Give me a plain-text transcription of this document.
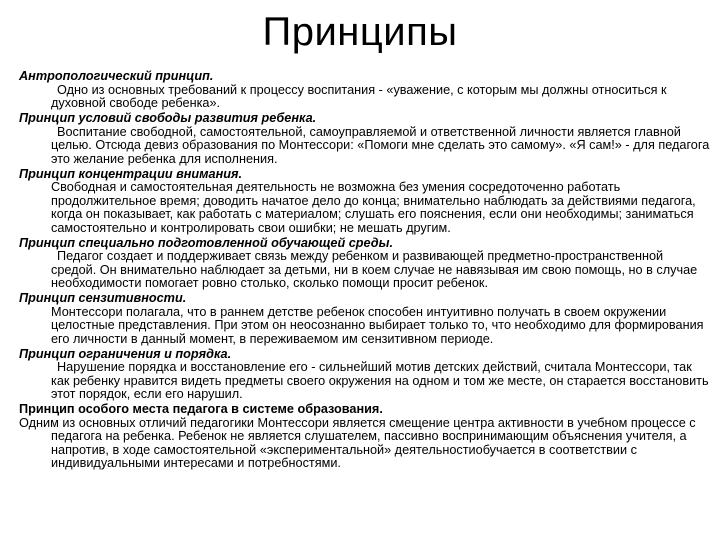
Принципы
Антропологический принцип.
Одно из основных требований к процессу воспитания - «уважение, с которым мы должны относиться к духовной свободе ребенка».
Принцип условий свободы развития ребенка.
Воспитание свободной, самостоятельной, самоуправляемой и ответственной личности является главной целью. Отсюда девиз образования по Монтессори: «Помоги мне сделать это самому». «Я сам!» - для педагога это желание ребенка для исполнения.
Принцип концентрации внимания.
Свободная и самостоятельная деятельность не возможна без умения сосредоточенно работать продолжительное время; доводить начатое дело до конца; внимательно наблюдать за действиями педагога, когда он показывает, как работать с материалом; слушать его пояснения, если они необходимы; заниматься самостоятельно и контролировать свои ошибки; не мешать другим.
Принцип специально подготовленной обучающей среды.
Педагог создает и поддерживает связь между ребенком и развивающей предметно-пространственной средой. Он внимательно наблюдает за детьми, ни в коем случае не навязывая им свою помощь, но в случае необходимости помогает ровно столько, сколько помощи просит ребенок.
Принцип сензитивности.
Монтессори полагала, что в раннем детстве ребенок способен интуитивно получать в своем окружении целостные представления. При этом он неосознанно выбирает только то, что необходимо для формирования его личности в данный момент, в переживаемом им сензитивном периоде.
Принцип ограничения и порядка.
Нарушение порядка и восстановление его - сильнейший мотив детских действий, считала Монтессори, так как ребенку нравится видеть предметы своего окружения на одном и том же месте, он старается восстановить этот порядок, если его нарушил.
Принцип особого места педагога в системе образования.
Одним из основных отличий педагогики Монтессори является смещение центра активности в учебном процессе с педагога на ребенка. Ребенок не является слушателем, пассивно воспринимающим объяснения учителя, а напротив, в ходе самостоятельной «экспериментальной» деятельностиобучается в соответствии с индивидуальными интересами и потребностями.
